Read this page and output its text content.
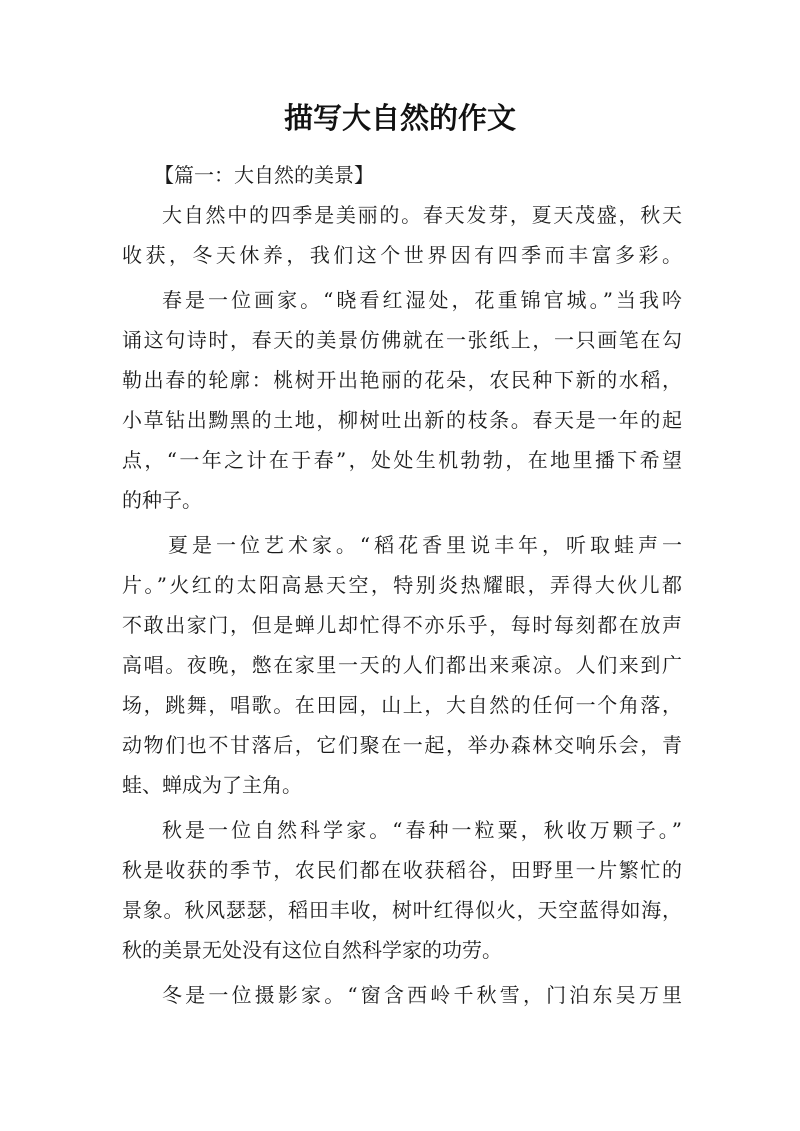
描写大自然的作文
【篇一：大自然的美景】
大自然中的四季是美丽的。春天发芽，夏天茂盛，秋天
收获，冬天休养，我们这个世界因有四季而丰富多彩。
春是一位画家。“晓看红湿处，花重锦官城。”当我吟
诵这句诗时，春天的美景仿佛就在一张纸上，一只画笔在勾
勒出春的轮廓：桃树开出艳丽的花朵，农民种下新的水稻，
小草钻出黝黑的土地，柳树吐出新的枝条。春天是一年的起
点，“一年之计在于春”，处处生机勃勃，在地里播下希望
的种子。
夏是一位艺术家。“稻花香里说丰年，听取蛙声一
片。”火红的太阳高悬天空，特别炎热耀眼，弄得大伙儿都
不敢出家门，但是蝉儿却忙得不亦乐乎，每时每刻都在放声
高唱。夜晚，憋在家里一天的人们都出来乘凉。人们来到广
场，跳舞，唱歌。在田园，山上，大自然的任何一个角落，
动物们也不甘落后，它们聚在一起，举办森林交响乐会，青
蛙、蝉成为了主角。
秋是一位自然科学家。“春种一粒粟，秋收万颗子。”
秋是收获的季节，农民们都在收获稻谷，田野里一片繁忙的
景象。秋风瑟瑟，稻田丰收，树叶红得似火，天空蓝得如海，
秋的美景无处没有这位自然科学家的功劳。
冬是一位摄影家。“窗含西岭千秋雪，门泊东吴万里
